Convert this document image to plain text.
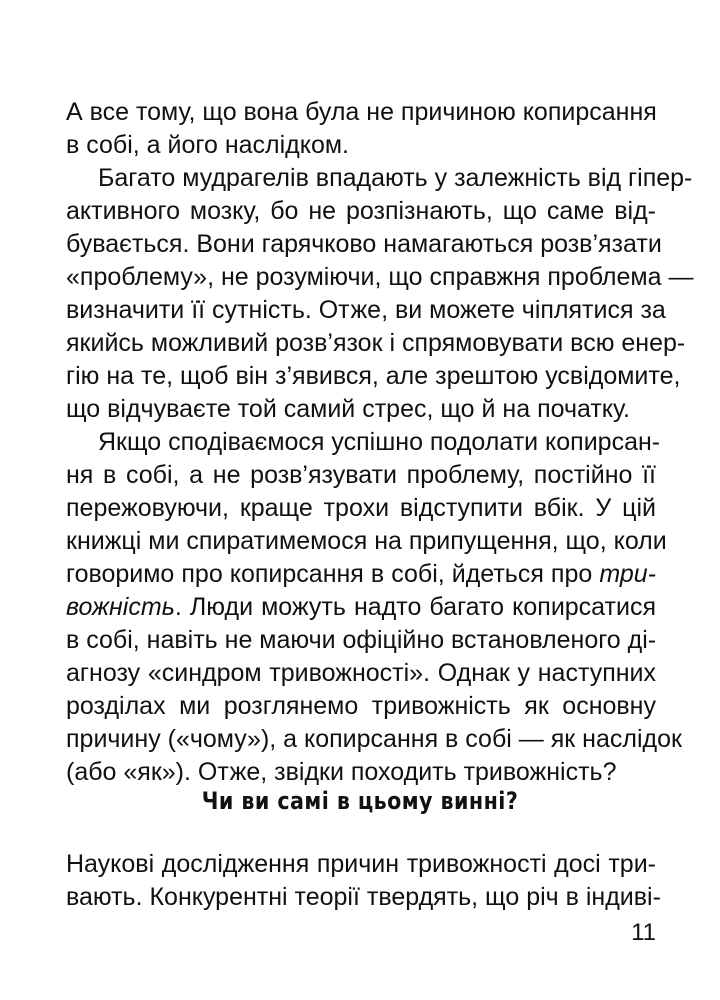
А все тому, що вона була не причиною копирсання
в собі, а його наслідком.
Багато мудрагелів впадають у залежність від гіпер-
активного мозку, бо не розпізнають, що саме від-
бувається. Вони гарячково намагаються розв’язати
«проблему», не розуміючи, що справжня проблема —
визначити її сутність. Отже, ви можете чіплятися за
якийсь можливий розв’язок і спрямовувати всю енер-
гію на те, щоб він з’явився, але зрештою усвідомите,
що відчуваєте той самий стрес, що й на початку.
Якщо сподіваємося успішно подолати копирсан-
ня в собі, а не розв’язувати проблему, постійно її
пережовуючи, краще трохи відступити вбік. У цій
книжці ми спиратимемося на припущення, що, коли
говоримо про копирсання в собі, йдеться про три-
вожність. Люди можуть надто багато копирсатися
в собі, навіть не маючи офіційно встановленого ді-
агнозу «синдром тривожності». Однак у наступних
розділах ми розглянемо тривожність як основну
причину («чому»), а копирсання в собі — як наслідок
(або «як»). Отже, звідки походить тривожність?
Чи ви самі в цьому винні?
Наукові дослідження причин тривожності досі три-
вають. Конкурентні теорії твердять, що річ в індиві-
11
